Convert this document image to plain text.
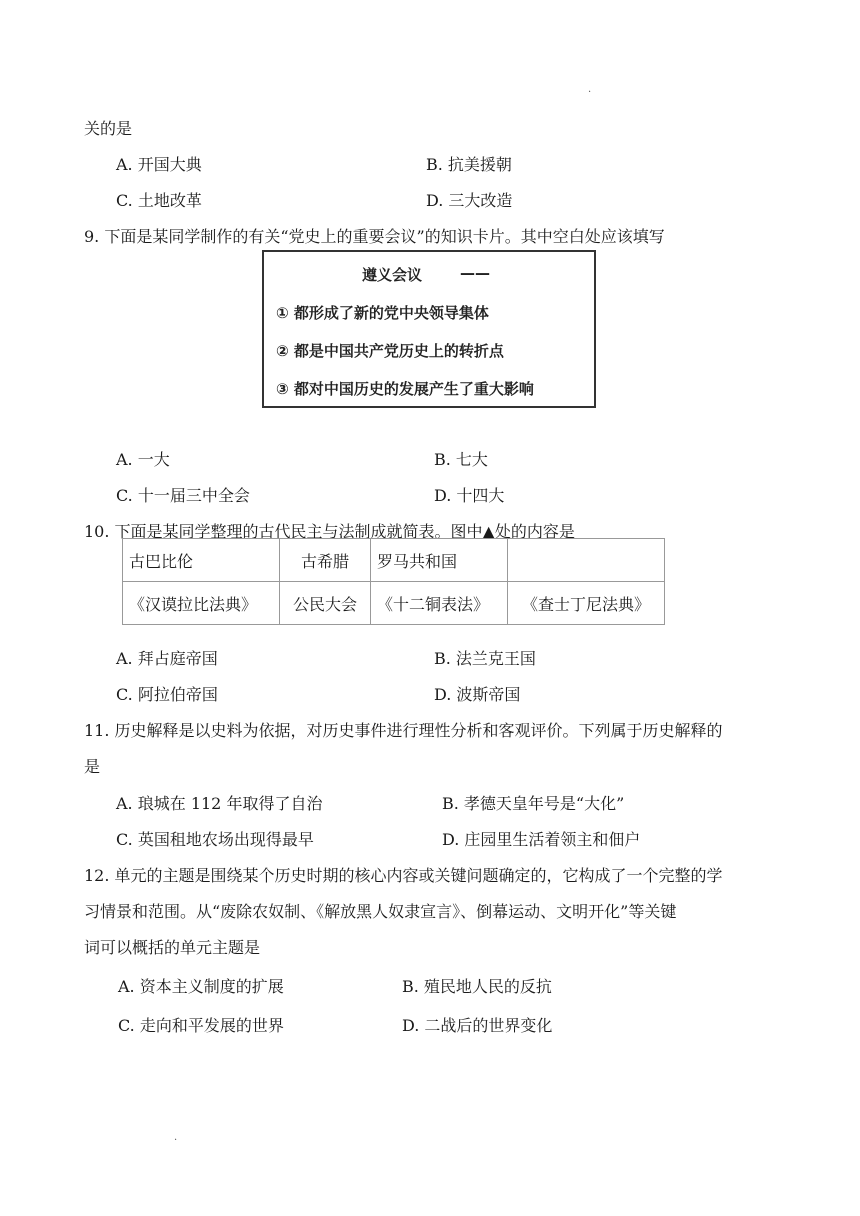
.
关的是
A. 开国大典	B. 抗美援朝
C. 土地改革	D. 三大改造
9. 下面是某同学制作的有关“党史上的重要会议”的知识卡片。其中空白处应该填写
遵义会议	——
① 都形成了新的党中央领导集体
② 都是中国共产党历史上的转折点
③ 都对中国历史的发展产生了重大影响
A. 一大	B. 七大
C. 十一届三中全会	D. 十四大
10. 下面是某同学整理的古代民主与法制成就简表。图中▲处的内容是
古巴比伦	古希腊	罗马共和国	
《汉谟拉比法典》	公民大会	《十二铜表法》	《查士丁尼法典》
A. 拜占庭帝国	B. 法兰克王国
C. 阿拉伯帝国	D. 波斯帝国
11. 历史解释是以史料为依据，对历史事件进行理性分析和客观评价。下列属于历史解释的
是
A. 琅城在 112 年取得了自治	B. 孝德天皇年号是“大化”
C. 英国租地农场出现得最早	D. 庄园里生活着领主和佃户
12. 单元的主题是围绕某个历史时期的核心内容或关键问题确定的，它构成了一个完整的学
习情景和范围。从“废除农奴制、《解放黑人奴隶宣言》、倒幕运动、文明开化”等关键
词可以概括的单元主题是
A. 资本主义制度的扩展	B. 殖民地人民的反抗
C. 走向和平发展的世界	D. 二战后的世界变化
.
